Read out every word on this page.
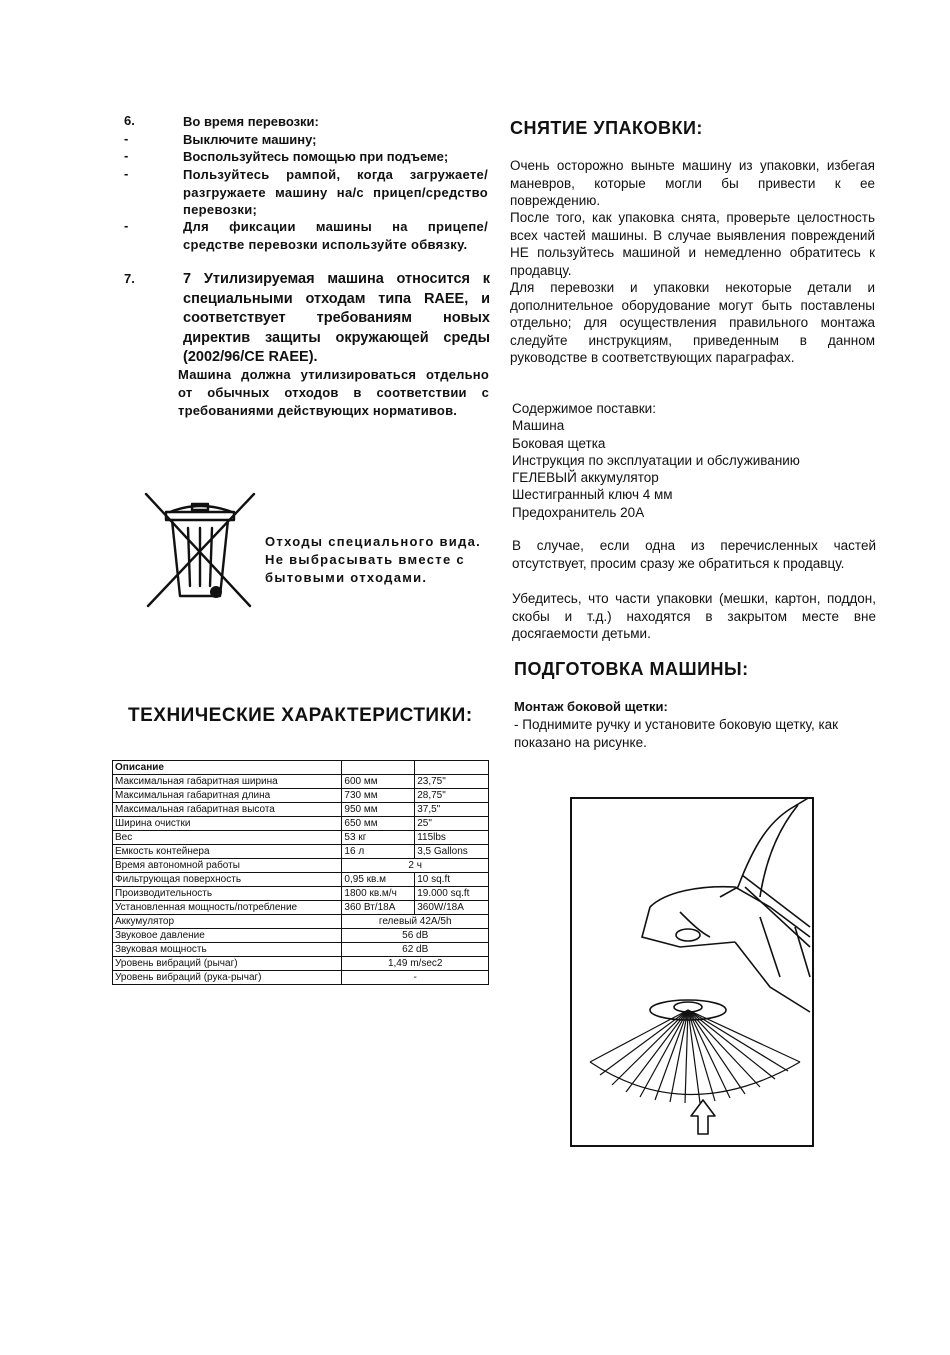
6.	Во время перевозки:
-	Выключите машину;
-	Воспользуйтесь помощью при подъеме;
-	Пользуйтесь рампой, когда загружаете/ разгружаете машину на/с прицеп/средство перевозки;
-	Для фиксации машины на прицепе/ средстве перевозки используйте обвязку.
7.	7 Утилизируемая машина относится к специальными отходам типа RAEE, и соответствует требованиям новых директив защиты окружающей среды (2002/96/CE RAEE).
Машина должна утилизироваться отдельно от обычных отходов в соответствии с требованиями действующих нормативов.
Отходы специального вида.
Не выбрасывать вместе с
бытовыми отходами.
ТЕХНИЧЕСКИЕ ХАРАКТЕРИСТИКИ:
Описание		
Максимальная габаритная ширина	600 мм	23,75"
Максимальная габаритная длина	730 мм	28,75"
Максимальная габаритная высота	950 мм	37,5"
Ширина очистки	650 мм	25"
Вес	53 кг	115lbs
Емкость контейнера	16 л	3,5 Gallons
Время автономной работы	2 ч	
Фильтрующая поверхность	0,95 кв.м	10 sq.ft
Производительность	1800 кв.м/ч	19.000 sq.ft
Установленная мощность/потребление	360 Вт/18А	360W/18A
Аккумулятор	гелевый 42А/5h	
Звуковое давление	56 dB	
Звуковая мощность	62 dB	
Уровень вибраций (рычаг)	1,49 m/sec2	
Уровень вибраций (рука-рычаг)	-	
СНЯТИЕ УПАКОВКИ:
Очень осторожно выньте машину из упаковки, избегая маневров, которые могли бы привести к ее повреждению.
После того, как упаковка снята, проверьте целостность всех частей машины. В случае выявления повреждений НЕ пользуйтесь машиной и немедленно обратитесь к продавцу.
Для перевозки и упаковки некоторые детали и дополнительное оборудование могут быть поставлены отдельно; для осуществления правильного монтажа следуйте инструкциям, приведенным в данном руководстве в соответствующих параграфах.
Содержимое поставки:
Машина
Боковая щетка
Инструкция по эксплуатации и обслуживанию
ГЕЛЕВЫЙ аккумулятор
Шестигранный ключ 4 мм
Предохранитель 20А
В случае, если одна из перечисленных частей отсутствует, просим сразу же обратиться к продавцу.
Убедитесь, что части упаковки (мешки, картон, поддон, скобы и т.д.) находятся в закрытом месте вне досягаемости детьми.
ПОДГОТОВКА МАШИНЫ:
Монтаж боковой щетки:
- Поднимите ручку и установите боковую щетку, как показано на рисунке.
